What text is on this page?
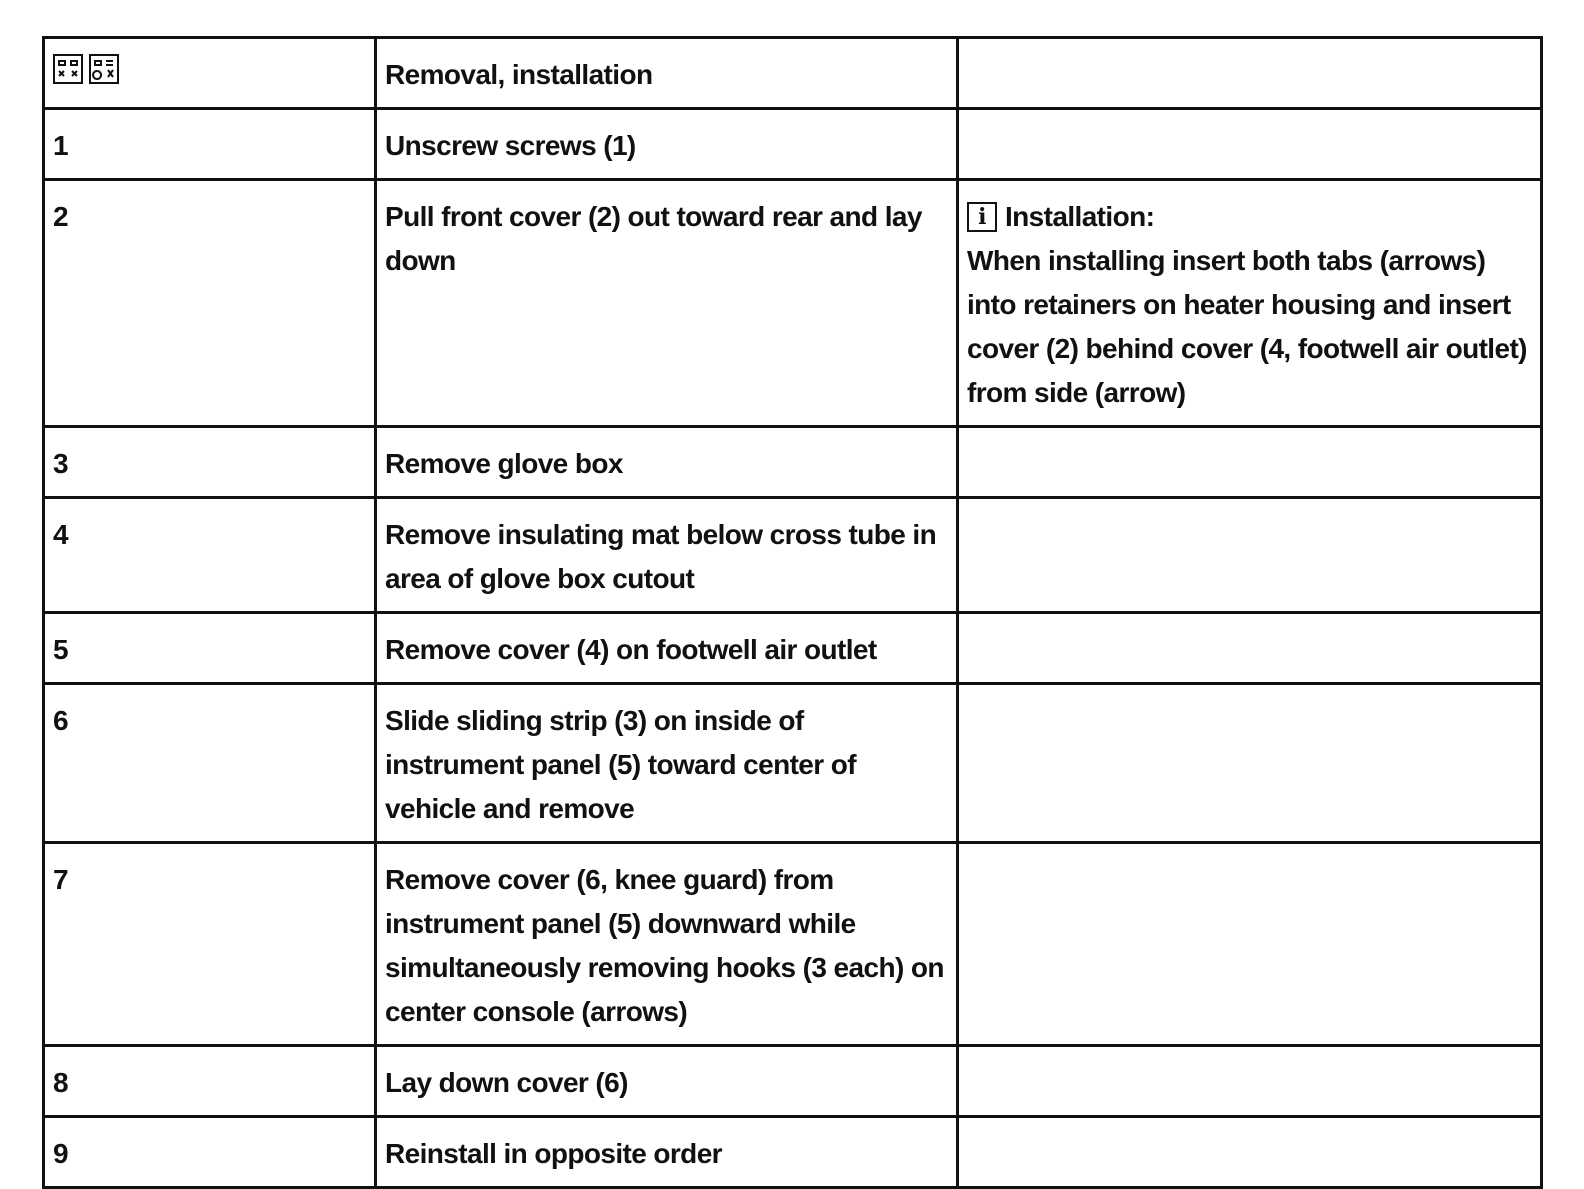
	Removal, installation	
1	Unscrew screws (1)	
2	Pull front cover (2) out toward rear and lay down	i Installation:
When installing insert both tabs (arrows) into retainers on heater housing and insert cover (2) behind cover (4, footwell air outlet) from side (arrow)

3	Remove glove box	
4	Remove insulating mat below cross tube in area of glove box cutout	
5	Remove cover (4) on footwell air outlet	
6	Slide sliding strip (3) on inside of instrument panel (5) toward center of vehicle and remove	
7	Remove cover (6, knee guard) from instrument panel (5) downward while simultaneously removing hooks (3 each) on center console (arrows)	
8	Lay down cover (6)	
9	Reinstall in opposite order	
